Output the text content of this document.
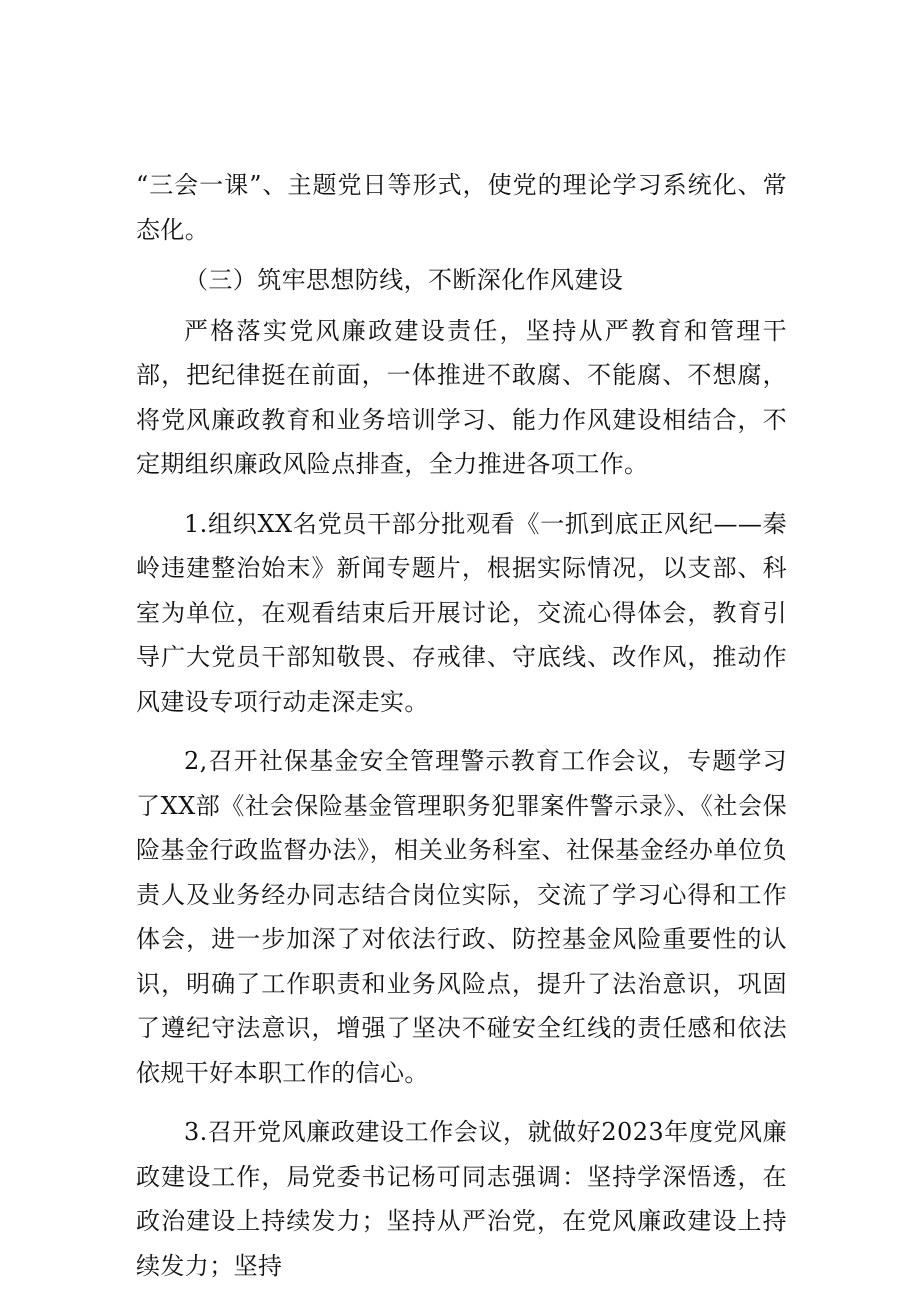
“三会一课”、主题党日等形式，使党的理论学习系统化、常态化。

（三）筑牢思想防线，不断深化作风建设

严格落实党风廉政建设责任，坚持从严教育和管理干部，把纪律挺在前面，一体推进不敢腐、不能腐、不想腐，将党风廉政教育和业务培训学习、能力作风建设相结合，不定期组织廉政风险点排查，全力推进各项工作。

1.组织XX名党员干部分批观看《一抓到底正风纪——秦岭违建整治始末》新闻专题片，根据实际情况，以支部、科室为单位，在观看结束后开展讨论，交流心得体会，教育引导广大党员干部知敬畏、存戒律、守底线、改作风，推动作风建设专项行动走深走实。

2,召开社保基金安全管理警示教育工作会议，专题学习了XX部《社会保险基金管理职务犯罪案件警示录》、《社会保险基金行政监督办法》，相关业务科室、社保基金经办单位负责人及业务经办同志结合岗位实际，交流了学习心得和工作体会，进一步加深了对依法行政、防控基金风险重要性的认识，明确了工作职责和业务风险点，提升了法治意识，巩固了遵纪守法意识，增强了坚决不碰安全红线的责任感和依法依规干好本职工作的信心。

3.召开党风廉政建设工作会议，就做好2023年度党风廉政建设工作，局党委书记杨可同志强调：坚持学深悟透，在政治建设上持续发力；坚持从严治党，在党风廉政建设上持续发力；坚持
